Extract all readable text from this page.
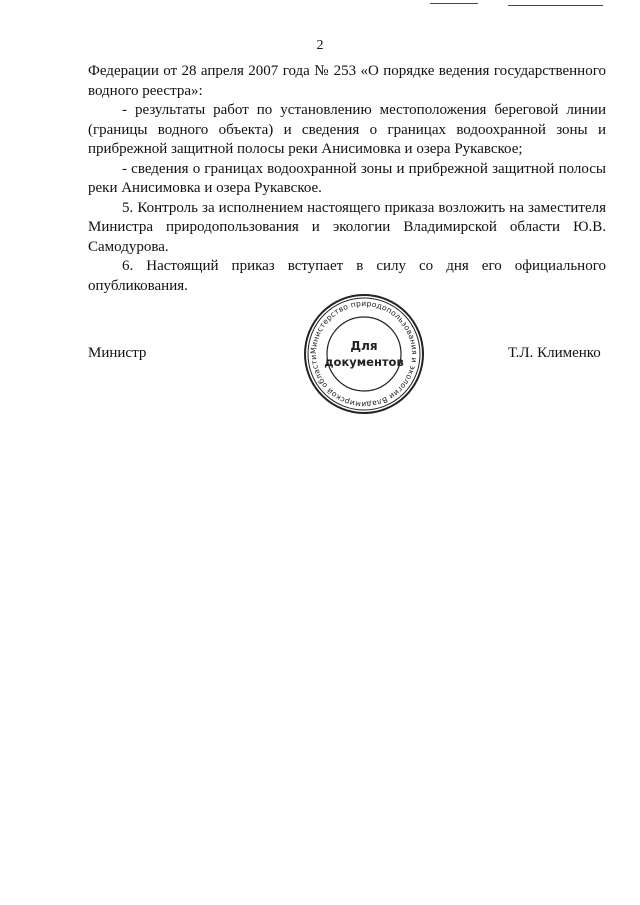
2

Федерации от 28 апреля 2007 года № 253 «О порядке ведения государственного водного реестра»:

- результаты работ по установлению местоположения береговой линии (границы водного объекта) и сведения о границах водоохранной зоны и прибрежной защитной полосы реки Анисимовка и озера Рукавское;

- сведения о границах водоохранной зоны и прибрежной защитной полосы реки Анисимовка и озера Рукавское.

5. Контроль за исполнением настоящего приказа возложить на заместителя Министра природопользования и экологии Владимирской области Ю.В. Самодурова.

6. Настоящий приказ вступает в силу со дня его официального опубликования.

Министр	Т.Л. Клименко
Министерство природопользования и экологии Владимирской области
Для
документов
